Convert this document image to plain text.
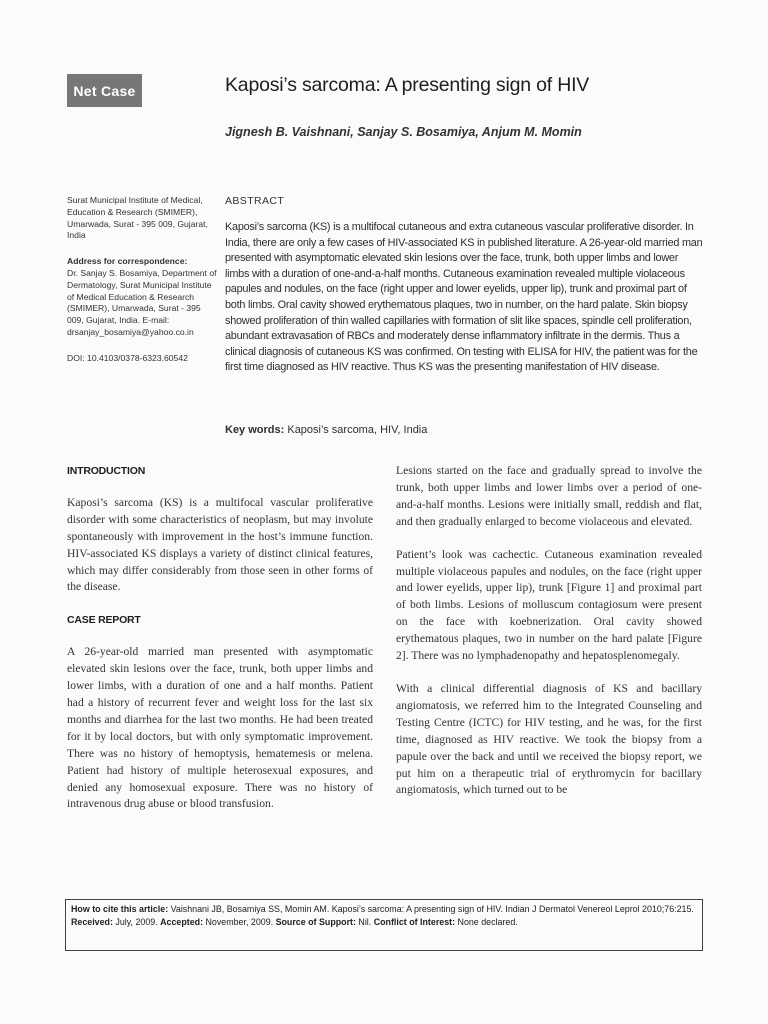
Net Case	Kaposi’s sarcoma: A presenting sign of HIV
Jignesh B. Vaishnani, Sanjay S. Bosamiya, Anjum M. Momin

Surat Municipal Institute of Medical, Education & Research (SMIMER), Umarwada, Surat - 395 009, Gujarat, India

Address for correspondence:

Dr. Sanjay S. Bosamiya, Department of Dermatology, Surat Municipal Institute of Medical Education & Research (SMIMER), Umarwada, Surat - 395 009, Gujarat, India. E-mail: drsanjay_bosamiya@yahoo.co.in

DOI: 10.4103/0378-6323.60542

ABSTRACT

Kaposi’s sarcoma (KS) is a multifocal cutaneous and extra cutaneous vascular proliferative disorder. In India, there are only a few cases of HIV-associated KS in published literature. A 26-year-old married man presented with asymptomatic elevated skin lesions over the face, trunk, both upper limbs and lower limbs with a duration of one-and-a-half months. Cutaneous examination revealed multiple violaceous papules and nodules, on the face (right upper and lower eyelids, upper lip), trunk and proximal part of both limbs. Oral cavity showed erythematous plaques, two in number, on the hard palate. Skin biopsy showed proliferation of thin walled capillaries with formation of slit like spaces, spindle cell proliferation, abundant extravasation of RBCs and moderately dense inflammatory infiltrate in the dermis. Thus a clinical diagnosis of cutaneous KS was confirmed. On testing with ELISA for HIV, the patient was for the first time diagnosed as HIV reactive. Thus KS was the presenting manifestation of HIV disease.

Key words: Kaposi’s sarcoma, HIV, India
INTRODUCTION

Kaposi’s sarcoma (KS) is a multifocal vascular proliferative disorder with some characteristics of neoplasm, but may involute spontaneously with improvement in the host’s immune function. HIV-associated KS displays a variety of distinct clinical features, which may differ considerably from those seen in other forms of the disease.

CASE REPORT

A 26-year-old married man presented with asymptomatic elevated skin lesions over the face, trunk, both upper limbs and lower limbs, with a duration of one and a half months. Patient had a history of recurrent fever and weight loss for the last six months and diarrhea for the last two months. He had been treated for it by local doctors, but with only symptomatic improvement. There was no history of hemoptysis, hematemesis or melena. Patient had history of multiple heterosexual exposures, and denied any homosexual exposure. There was no history of intravenous drug abuse or blood transfusion.

Lesions started on the face and gradually spread to involve the trunk, both upper limbs and lower limbs over a period of one-and-a-half months. Lesions were initially small, reddish and flat, and then gradually enlarged to become violaceous and elevated.

Patient’s look was cachectic. Cutaneous examination revealed multiple violaceous papules and nodules, on the face (right upper and lower eyelids, upper lip), trunk [Figure 1] and proximal part of both limbs. Lesions of molluscum contagiosum were present on the face with koebnerization. Oral cavity showed erythematous plaques, two in number on the hard palate [Figure 2]. There was no lymphadenopathy and hepatosplenomegaly.

With a clinical differential diagnosis of KS and bacillary angiomatosis, we referred him to the Integrated Counseling and Testing Centre (ICTC) for HIV testing, and he was, for the first time, diagnosed as HIV reactive. We took the biopsy from a papule over the back and until we received the biopsy report, we put him on a therapeutic trial of erythromycin for bacillary angiomatosis, which turned out to be

How to cite this article: Vaishnani JB, Bosamiya SS, Momin AM. Kaposi’s sarcoma: A presenting sign of HIV. Indian J Dermatol Venereol Leprol 2010;76:215.
Received: July, 2009. Accepted: November, 2009. Source of Support: Nil. Conflict of Interest: None declared.
